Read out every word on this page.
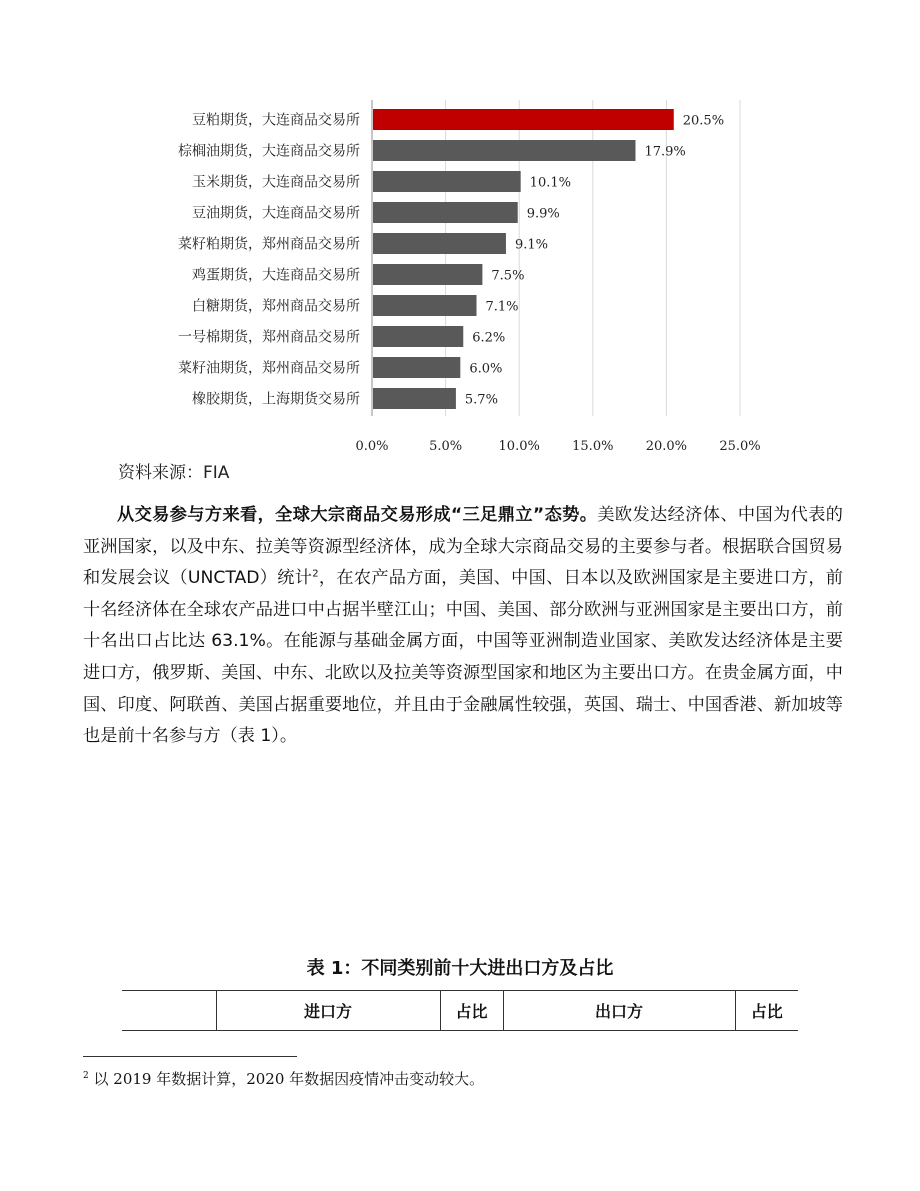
豆粕期货，大连商品交易所	20.5%
棕榈油期货，大连商品交易所	17.9%
玉米期货，大连商品交易所	10.1%
豆油期货，大连商品交易所	9.9%
菜籽粕期货，郑州商品交易所	9.1%
鸡蛋期货，大连商品交易所	7.5%
白糖期货，郑州商品交易所	7.1%
一号棉期货，郑州商品交易所	6.2%
菜籽油期货，郑州商品交易所	6.0%
橡胶期货，上海期货交易所	5.7%
0.0%	5.0%	10.0% 15.0% 20.0% 25.0%
资料来源：FIA

从交易参与方来看，全球大宗商品交易形成“三足鼎立”态势。美欧发达经济体、中国为代表的亚洲国家，以及中东、拉美等资源型经济体，成为全球大宗商品交易的主要参与者。根据联合国贸易和发展会议（UNCTAD）统计$^2$，在农产品方面，美国、中国、日本以及欧洲国家是主要进口方，前十名经济体在全球农产品进口中占据半壁江山；中国、美国、部分欧洲与亚洲国家是主要出口方，前十名出口占比达 63.1%。在能源与基础金属方面，中国等亚洲制造业国家、美欧发达经济体是主要进口方，俄罗斯、美国、中东、北欧以及拉美等资源型国家和地区为主要出口方。在贵金属方面，中国、印度、阿联酋、美国占据重要地位，并且由于金融属性较强，英国、瑞士、中国香港、新加坡等也是前十名参与方（表 1）。

表 1：不同类别前十大进出口方及占比
	进口方	占比	出口方	占比
$^2$ 以 2019 年数据计算，2020 年数据因疫情冲击变动较大。
